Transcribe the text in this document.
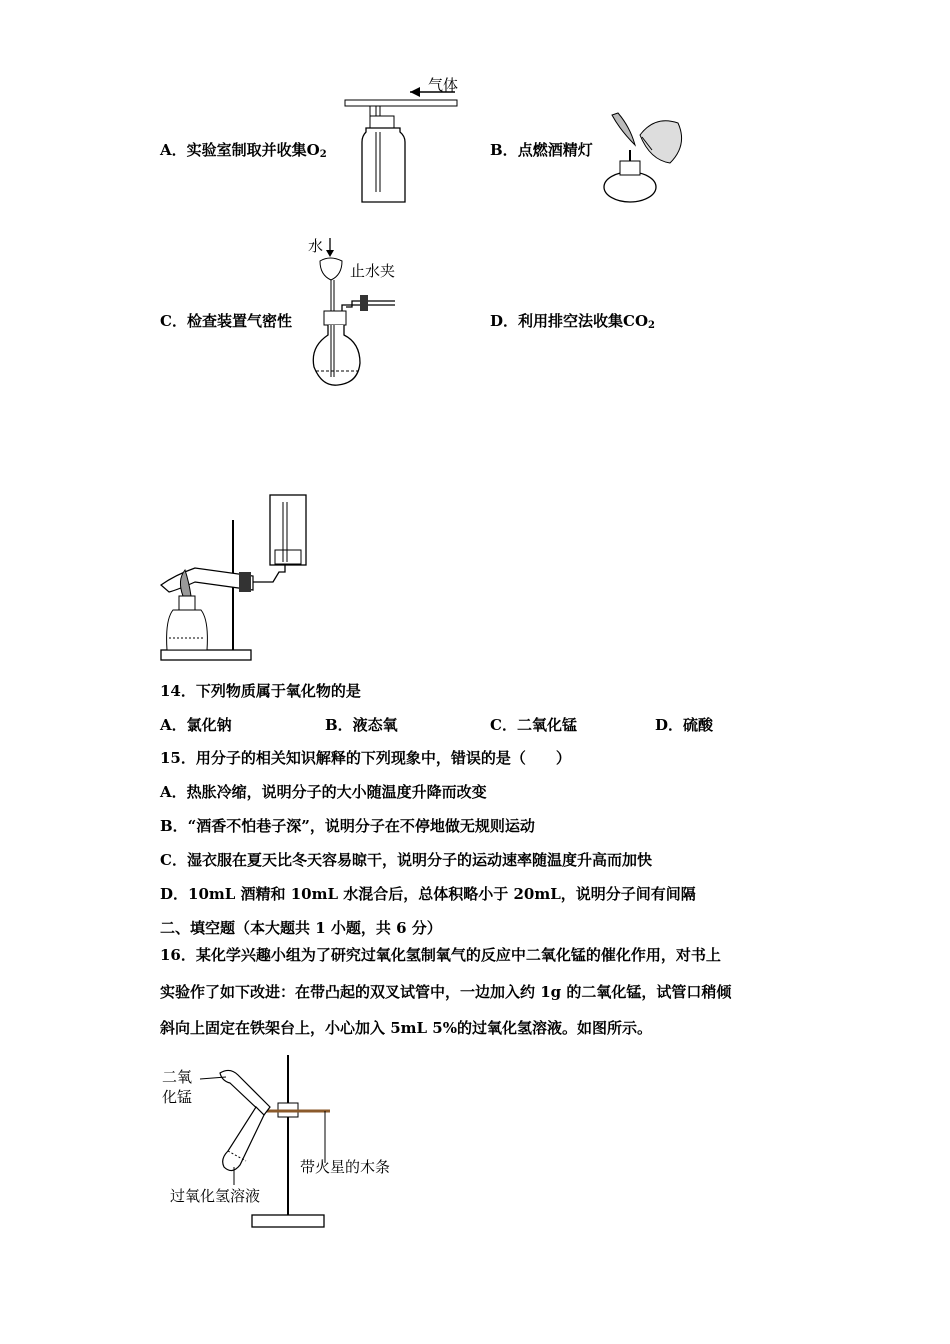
气体
A．实验室制取并收集$O_2$	B．点燃酒精灯
水
止水夹
C．检查装置气密性	D．利用排空法收集$CO_2$
14．下列物质属于氧化物的是
A．氯化钠	B．液态氧	C．二氧化锰	D．硫酸
15．用分子的相关知识解释的下列现象中，错误的是（　　）
A．热胀冷缩，说明分子的大小随温度升降而改变
B．“酒香不怕巷子深”，说明分子在不停地做无规则运动
C．湿衣服在夏天比冬天容易晾干，说明分子的运动速率随温度升高而加快
D．10mL 酒精和 10mL 水混合后，总体积略小于 20mL，说明分子间有间隔
二、填空题（本大题共 1 小题，共 6 分）
16．某化学兴趣小组为了研究过氧化氢制氧气的反应中二氧化锰的催化作用，对书上
实验作了如下改进：在带凸起的双叉试管中，一边加入约 1g 的二氧化锰，试管口稍倾
斜向上固定在铁架台上，小心加入 5mL 5%的过氧化氢溶液。如图所示。
二氧
化锰
带火星的木条
过氧化氢溶液
